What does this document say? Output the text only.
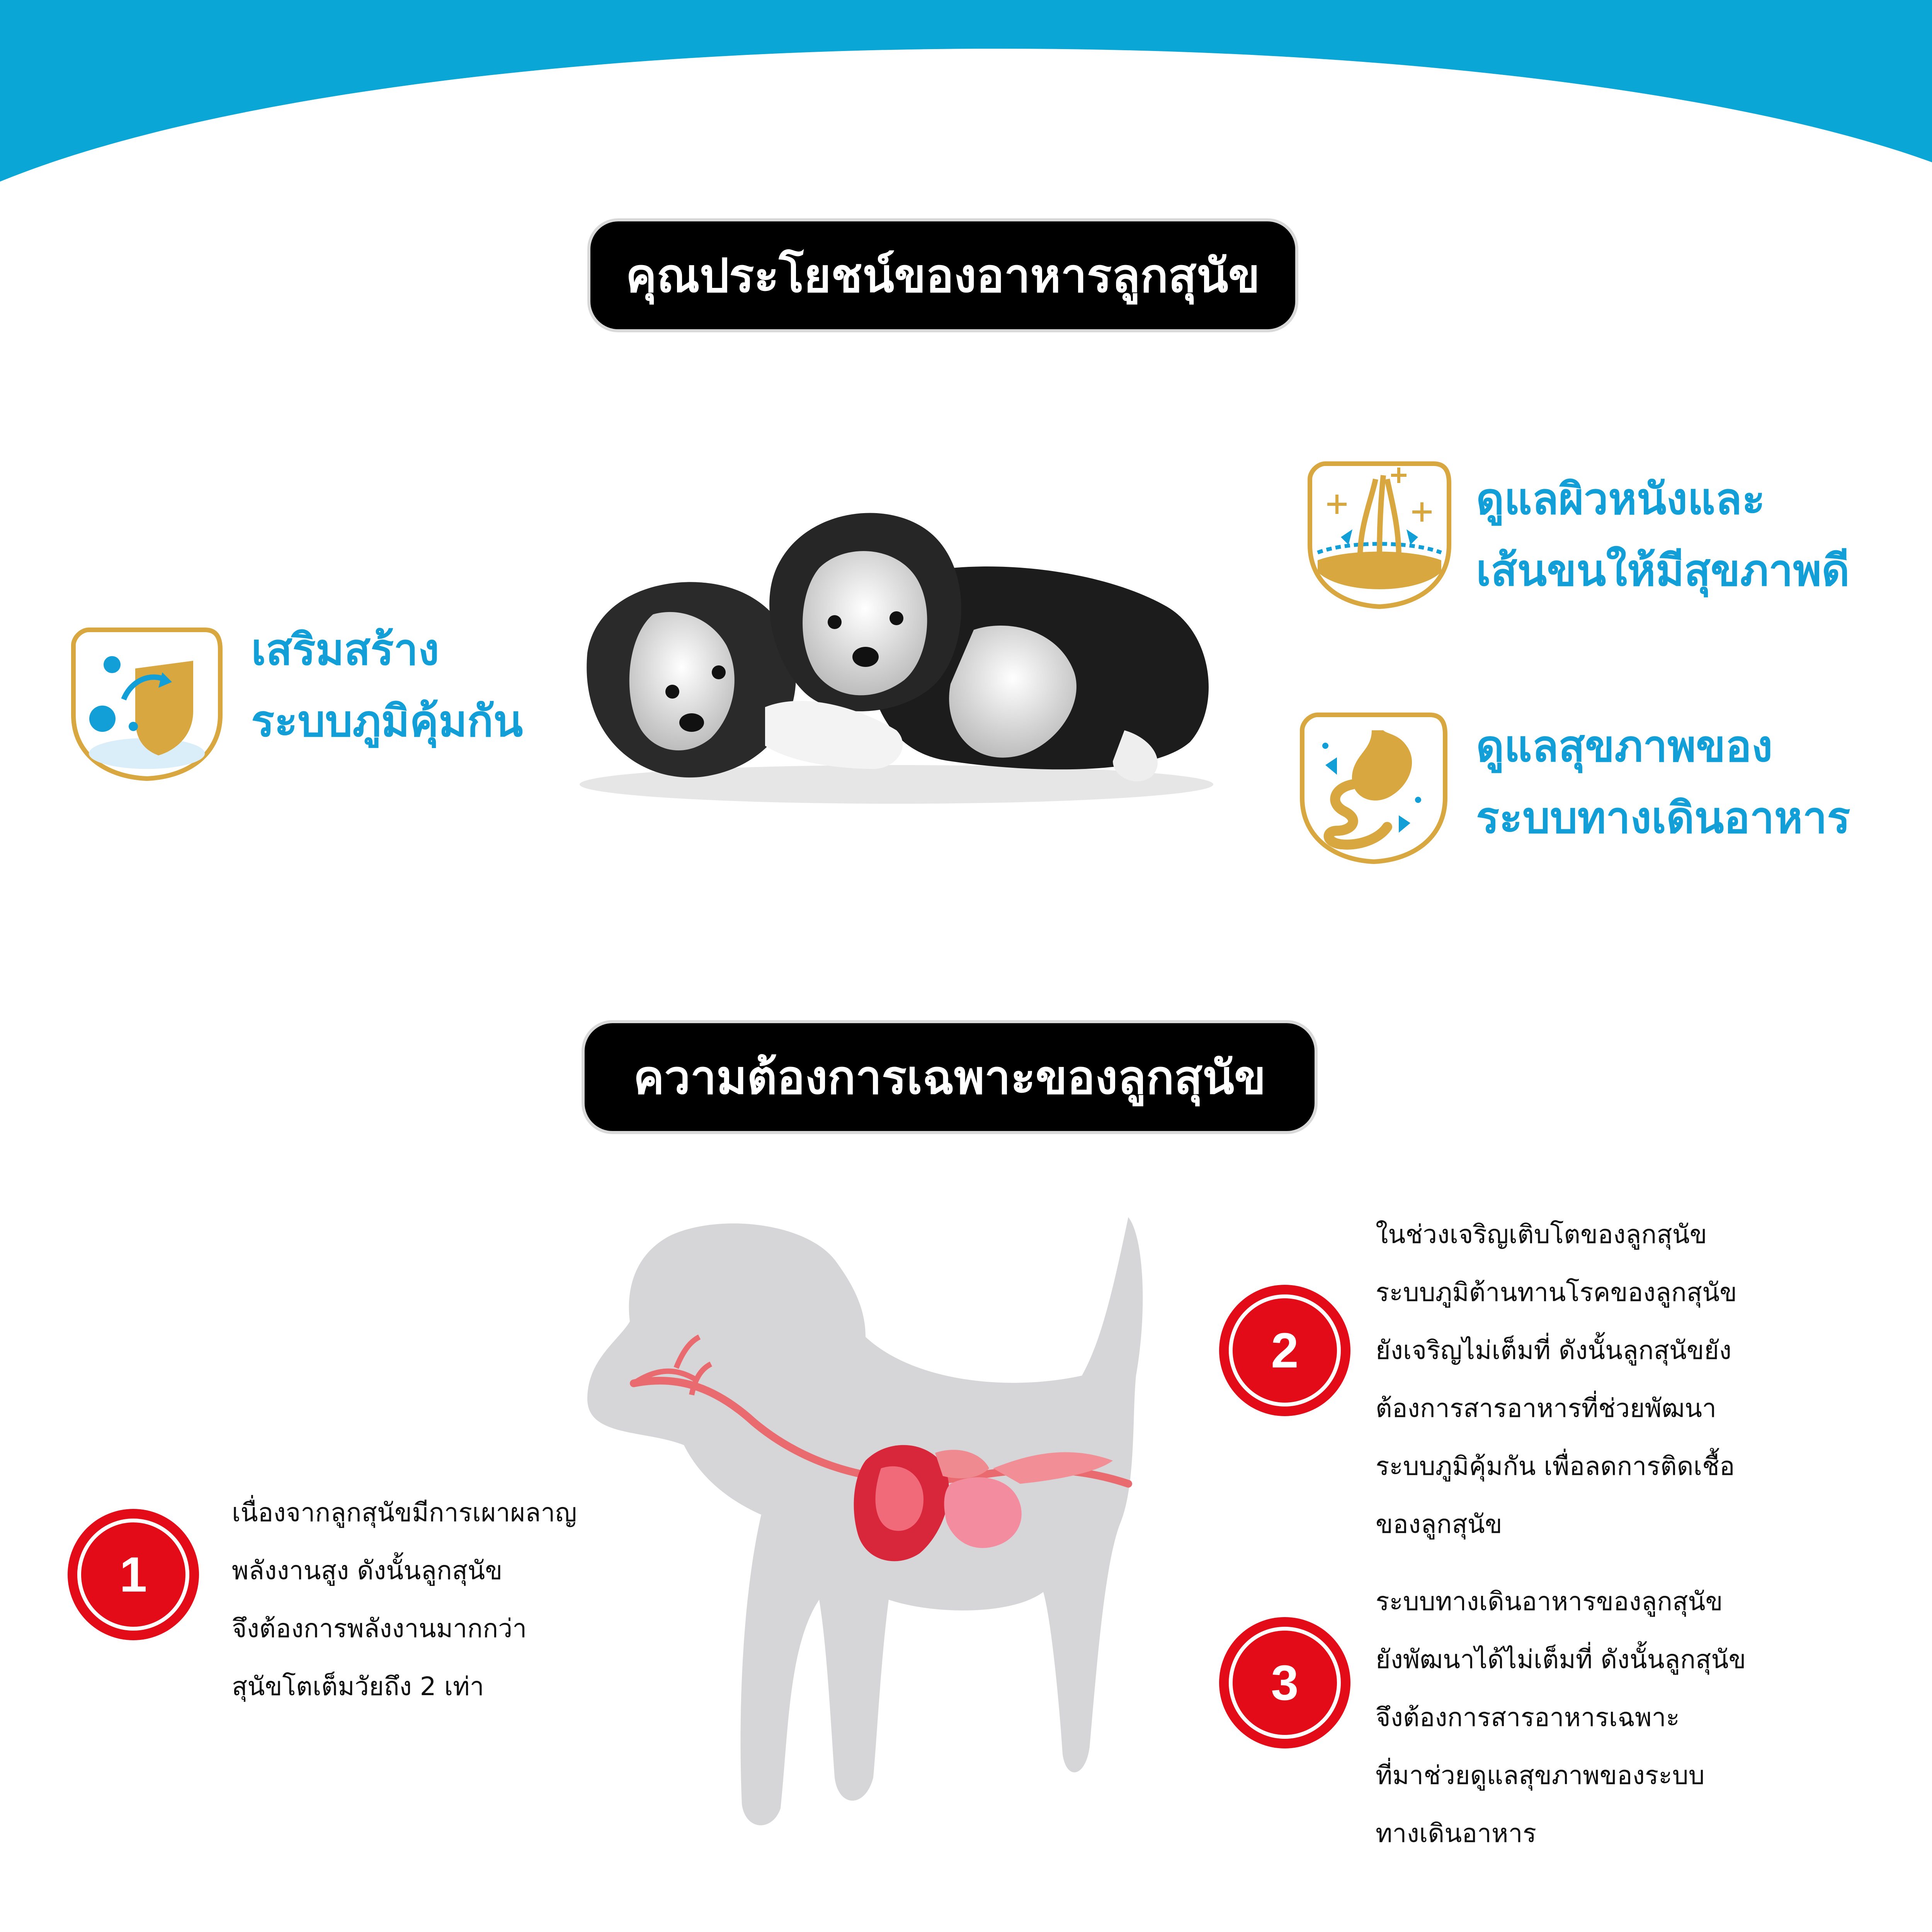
คุณประโยชน์ของอาหารลูกสุนัข
เสริมสร้าง
ระบบภูมิคุ้มกัน
ดูแลผิวหนังและ
เส้นขนให้มีสุขภาพดี
ดูแลสุขภาพของ
ระบบทางเดินอาหาร
ความต้องการเฉพาะของลูกสุนัข
1
เนื่องจากลูกสุนัขมีการเผาผลาญ
พลังงานสูง ดังนั้นลูกสุนัข
จึงต้องการพลังงานมากกว่า
สุนัขโตเต็มวัยถึง 2 เท่า
2
ในช่วงเจริญเติบโตของลูกสุนัข
ระบบภูมิต้านทานโรคของลูกสุนัข
ยังเจริญไม่เต็มที่ ดังนั้นลูกสุนัขยัง
ต้องการสารอาหารที่ช่วยพัฒนา
ระบบภูมิคุ้มกัน เพื่อลดการติดเชื้อ
ของลูกสุนัข
3
ระบบทางเดินอาหารของลูกสุนัข
ยังพัฒนาได้ไม่เต็มที่ ดังนั้นลูกสุนัข
จึงต้องการสารอาหารเฉพาะ
ที่มาช่วยดูแลสุขภาพของระบบ
ทางเดินอาหาร
